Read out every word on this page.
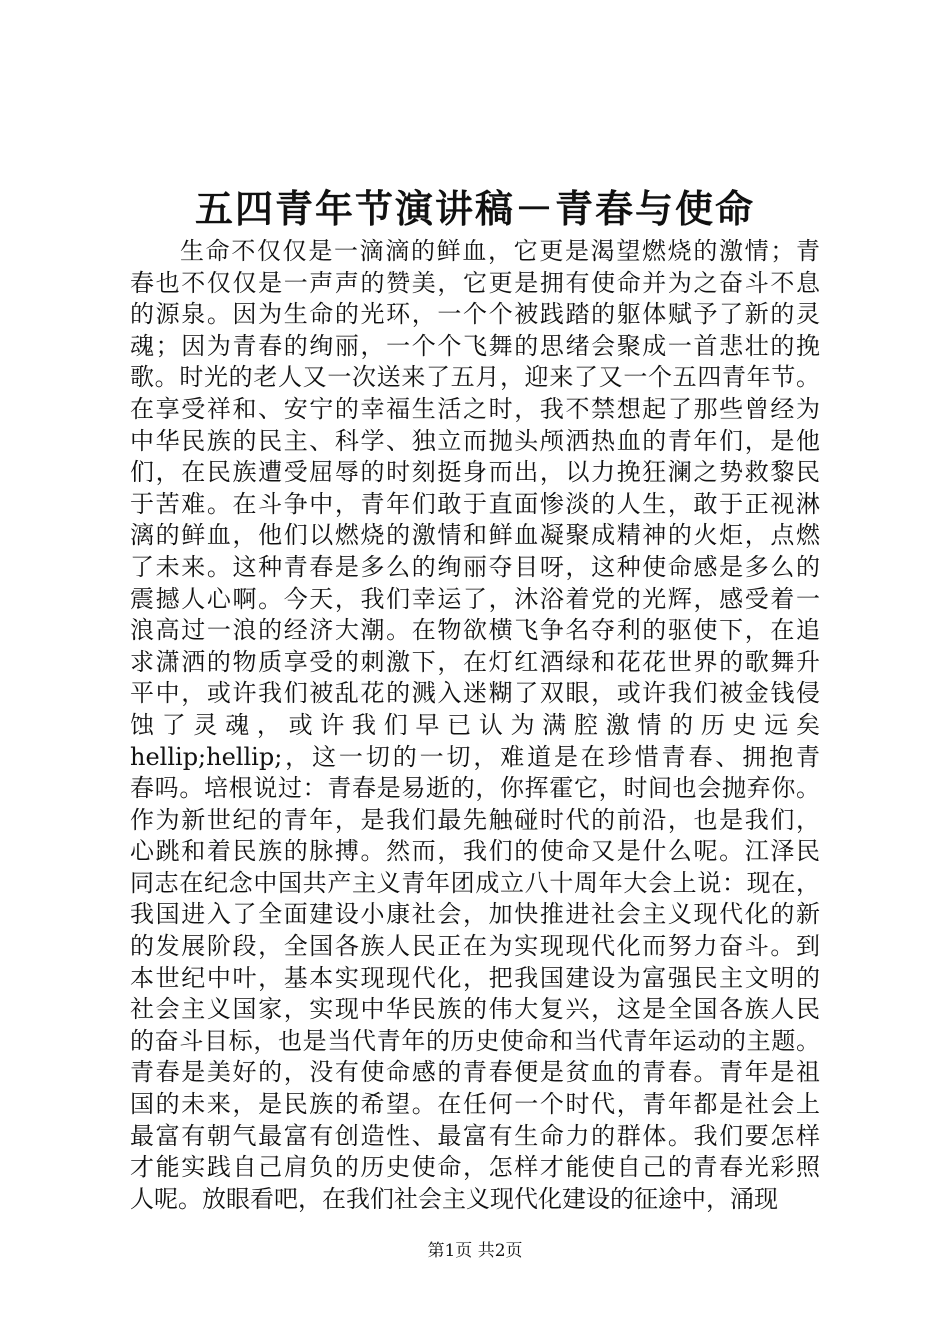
五四青年节演讲稿－青春与使命
生命不仅仅是一滴滴的鲜血，它更是渴望燃烧的激情；青
春也不仅仅是一声声的赞美，它更是拥有使命并为之奋斗不息
的源泉。因为生命的光环，一个个被践踏的躯体赋予了新的灵
魂；因为青春的绚丽，一个个飞舞的思绪会聚成一首悲壮的挽
歌。时光的老人又一次送来了五月，迎来了又一个五四青年节。
在享受祥和、安宁的幸福生活之时，我不禁想起了那些曾经为
中华民族的民主、科学、独立而抛头颅洒热血的青年们，是他
们，在民族遭受屈辱的时刻挺身而出，以力挽狂澜之势救黎民
于苦难。在斗争中，青年们敢于直面惨淡的人生，敢于正视淋
漓的鲜血，他们以燃烧的激情和鲜血凝聚成精神的火炬，点燃
了未来。这种青春是多么的绚丽夺目呀，这种使命感是多么的
震撼人心啊。今天，我们幸运了，沐浴着党的光辉，感受着一
浪高过一浪的经济大潮。在物欲横飞争名夺利的驱使下，在追
求潇洒的物质享受的刺激下，在灯红酒绿和花花世界的歌舞升
平中，或许我们被乱花的溅入迷糊了双眼，或许我们被金钱侵
蚀 了 灵 魂 ， 或 许 我 们 早 已 认 为 满 腔 激 情 的 历 史 远 矣
hellip;hellip;，这一切的一切，难道是在珍惜青春、拥抱青
春吗。培根说过：青春是易逝的，你挥霍它，时间也会抛弃你。
作为新世纪的青年，是我们最先触碰时代的前沿，也是我们，
心跳和着民族的脉搏。然而，我们的使命又是什么呢。江泽民
同志在纪念中国共产主义青年团成立八十周年大会上说：现在，
我国进入了全面建设小康社会，加快推进社会主义现代化的新
的发展阶段，全国各族人民正在为实现现代化而努力奋斗。到
本世纪中叶，基本实现现代化，把我国建设为富强民主文明的
社会主义国家，实现中华民族的伟大复兴，这是全国各族人民
的奋斗目标，也是当代青年的历史使命和当代青年运动的主题。
青春是美好的，没有使命感的青春便是贫血的青春。青年是祖
国的未来，是民族的希望。在任何一个时代，青年都是社会上
最富有朝气最富有创造性、最富有生命力的群体。我们要怎样
才能实践自己肩负的历史使命，怎样才能使自己的青春光彩照
人呢。放眼看吧，在我们社会主义现代化建设的征途中，涌现
第1页 共2页
